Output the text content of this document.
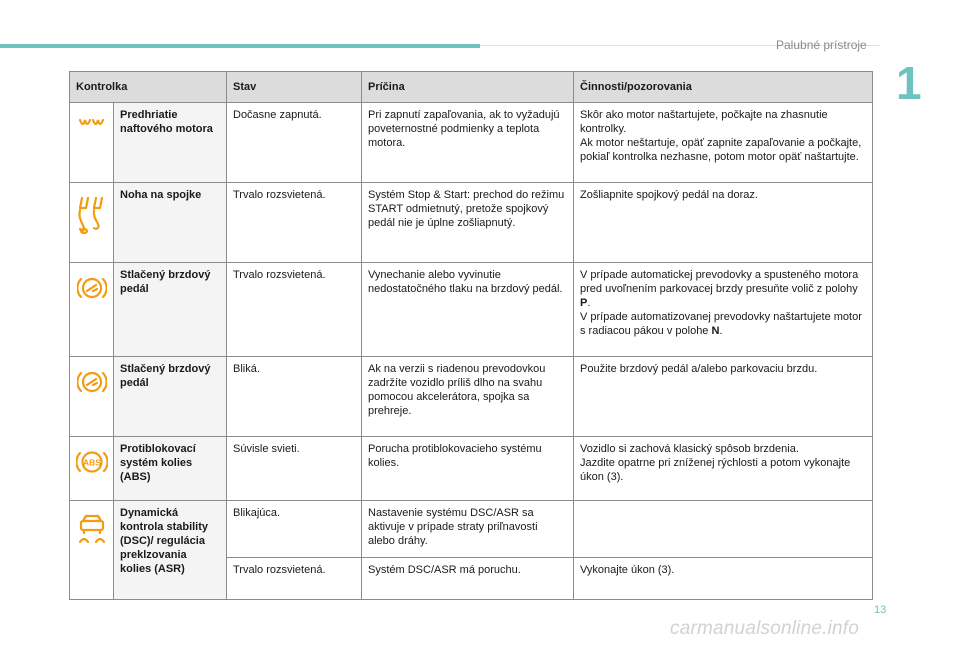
Palubné prístroje
1
13
carmanualsonline.info
Kontrolka		Stav	Príčina	Činnosti/pozorovania

	Predhriatie naftového motora	Dočasne zapnutá.	Pri zapnutí zapaľovania, ak to vyžadujú poveternostné podmienky a teplota motora.	Skôr ako motor naštartujete, počkajte na zhasnutie kontrolky.
Ak motor neštartuje, opäť zapnite zapaľovanie a počkajte, pokiaľ kontrolka nezhasne, potom motor opäť naštartujte.

	Noha na spojke	Trvalo rozsvietená.	Systém Stop & Start: prechod do režimu START odmietnutý, pretože spojkový pedál nie je úplne zošliapnutý.	Zošliapnite spojkový pedál na doraz.

	Stlačený brzdový pedál	Trvalo rozsvietená.	Vynechanie alebo vyvinutie nedostatočného tlaku na brzdový pedál.	V prípade automatickej prevodovky a spusteného motora pred uvoľnením parkovacej brzdy presuňte volič z polohy P.
V prípade automatizovanej prevodovky naštartujete motor s radiacou pákou v polohe N.

	Stlačený brzdový pedál	Bliká.	Ak na verzii s riadenou prevodovkou zadržíte vozidlo príliš dlho na svahu pomocou akcelerátora, spojka sa prehreje.	Použite brzdový pedál a/alebo parkovaciu brzdu.

ABS	Protiblokovací systém kolies (ABS)	Súvisle svieti.	Porucha protiblokovacieho systému kolies.	Vozidlo si zachová klasický spôsob brzdenia.
Jazdite opatrne pri zníženej rýchlosti a potom vykonajte úkon (3).

	Dynamická kontrola stability (DSC)/ regulácia preklzovania kolies (ASR)	Blikajúca.	Nastavenie systému DSC/ASR sa aktivuje v prípade straty priľnavosti alebo dráhy.	
		Trvalo rozsvietená.	Systém DSC/ASR má poruchu.	Vykonajte úkon (3).
